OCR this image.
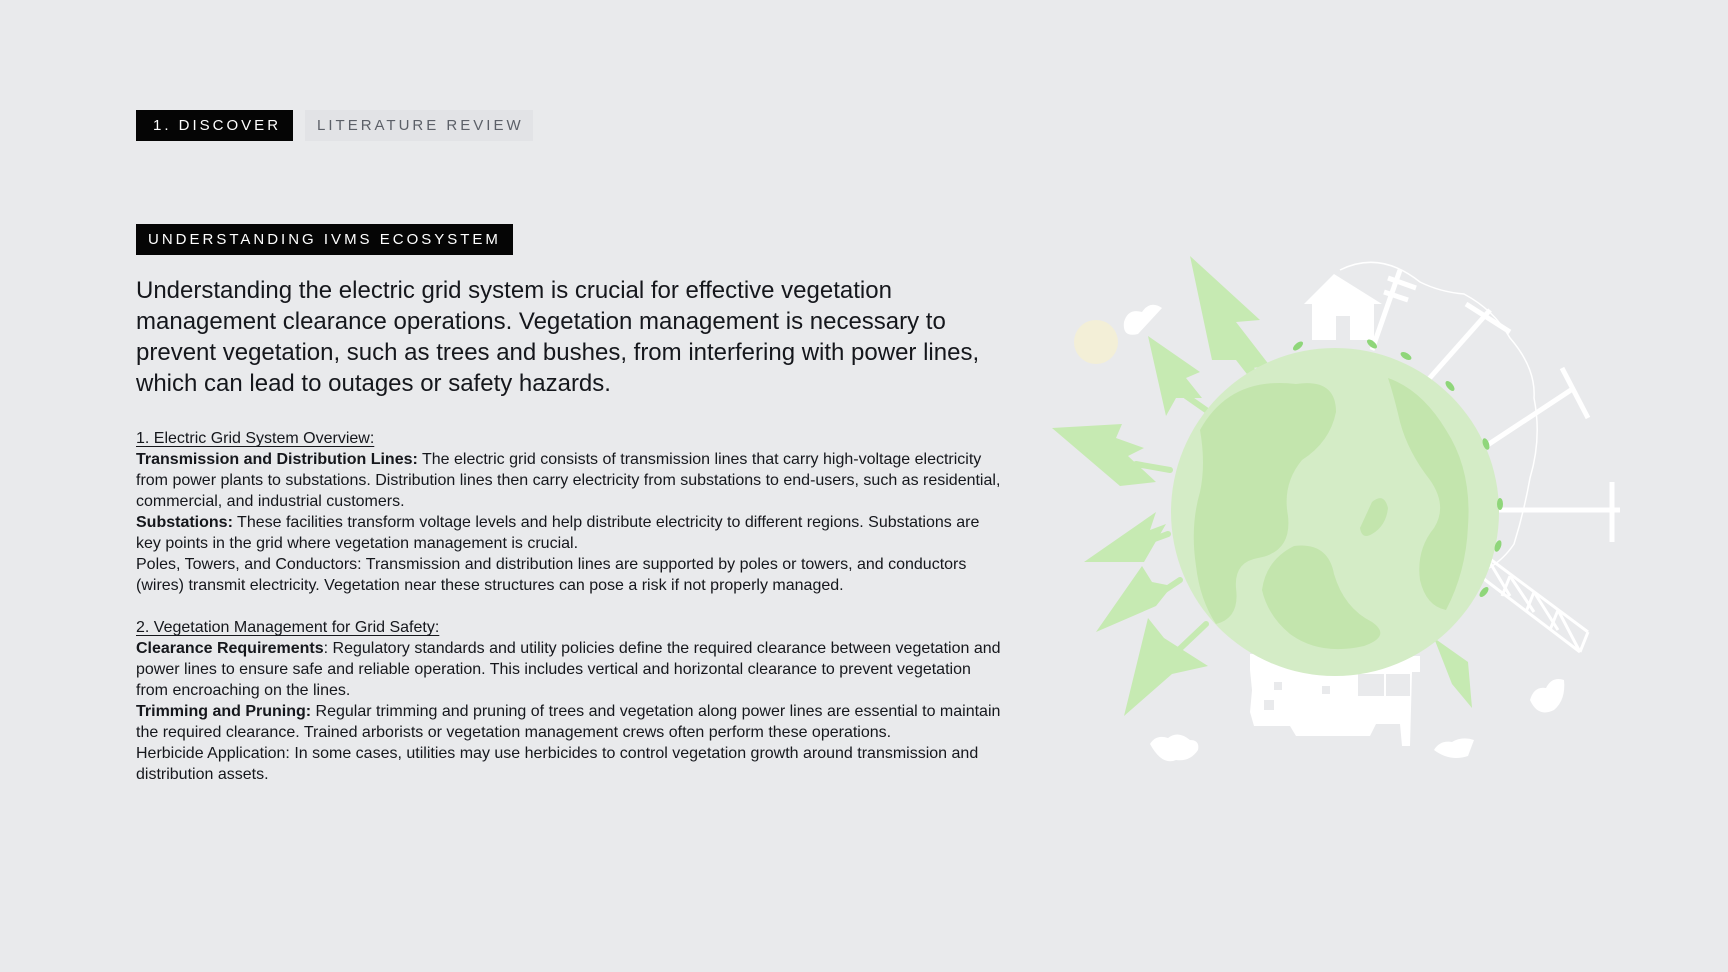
1. DISCOVER	LITERATURE REVIEW
UNDERSTANDING IVMS ECOSYSTEM

Understanding the electric grid system is crucial for effective vegetation management clearance operations. Vegetation management is necessary to prevent vegetation, such as trees and bushes, from interfering with power lines, which can lead to outages or safety hazards.

1. Electric Grid System Overview:

Transmission and Distribution Lines: The electric grid consists of transmission lines that carry high-voltage electricity from power plants to substations. Distribution lines then carry electricity from substations to end-users, such as residential, commercial, and industrial customers.

Substations: These facilities transform voltage levels and help distribute electricity to different regions. Substations are key points in the grid where vegetation management is crucial.

Poles, Towers, and Conductors: Transmission and distribution lines are supported by poles or towers, and conductors (wires) transmit electricity. Vegetation near these structures can pose a risk if not properly managed.

2. Vegetation Management for Grid Safety:

Clearance Requirements: Regulatory standards and utility policies define the required clearance between vegetation and power lines to ensure safe and reliable operation. This includes vertical and horizontal clearance to prevent vegetation from encroaching on the lines.

Trimming and Pruning: Regular trimming and pruning of trees and vegetation along power lines are essential to maintain the required clearance. Trained arborists or vegetation management crews often perform these operations.

Herbicide Application: In some cases, utilities may use herbicides to control vegetation growth around transmission and distribution assets.
